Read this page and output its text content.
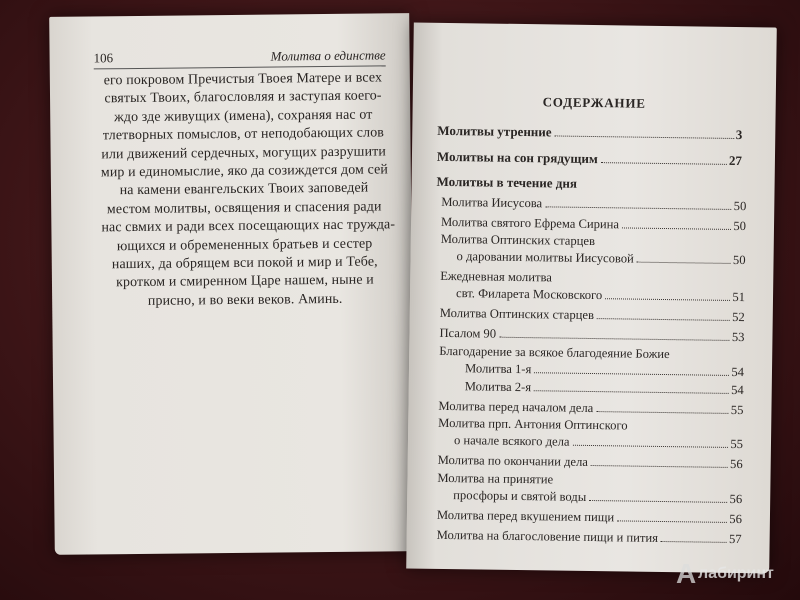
106	Молитва о единстве
его покровом Пречистыя Твоея Матере и всех
святых Твоих, благословляя и заступая коего-
ждо зде живущих (имена), сохраняя нас от
тлетворных помыслов, от неподобающих слов
или движений сердечных, могущих разрушити
мир и единомыслие, яко да созиждется дом сей
на камени евангельских Твоих заповедей
местом молитвы, освящения и спасения ради
нас свмих и ради всех посещающих нас тружда-
ющихся и обремененных братьев и сестер
наших, да обрящем вси покой и мир и Тебе,
кротком и смиренном Царе нашем, ныне и
присно, и во веки веков. Аминь.
СОДЕРЖАНИЕ
Молитвы утренние	3
Молитвы на сон грядущим	27
Молитвы в течение дня
Молитва Иисусова	50
Молитва святого Ефрема Сирина	50
Молитва Оптинских старцев
о даровании молитвы Иисусовой	50
Ежедневная молитва
свт. Филарета Московского	51
Молитва Оптинских старцев	52
Псалом 90	53
Благодарение за всякое благодеяние Божие
Молитва 1-я	54
Молитва 2-я	54
Молитва перед началом дела	55
Молитва прп. Антония Оптинского
о начале всякого дела	55
Молитва по окончании дела	56
Молитва на принятие
просфоры и святой воды	56
Молитва перед вкушением пищи	56
Молитва на благословение пищи и пития	57
A лабиринт
